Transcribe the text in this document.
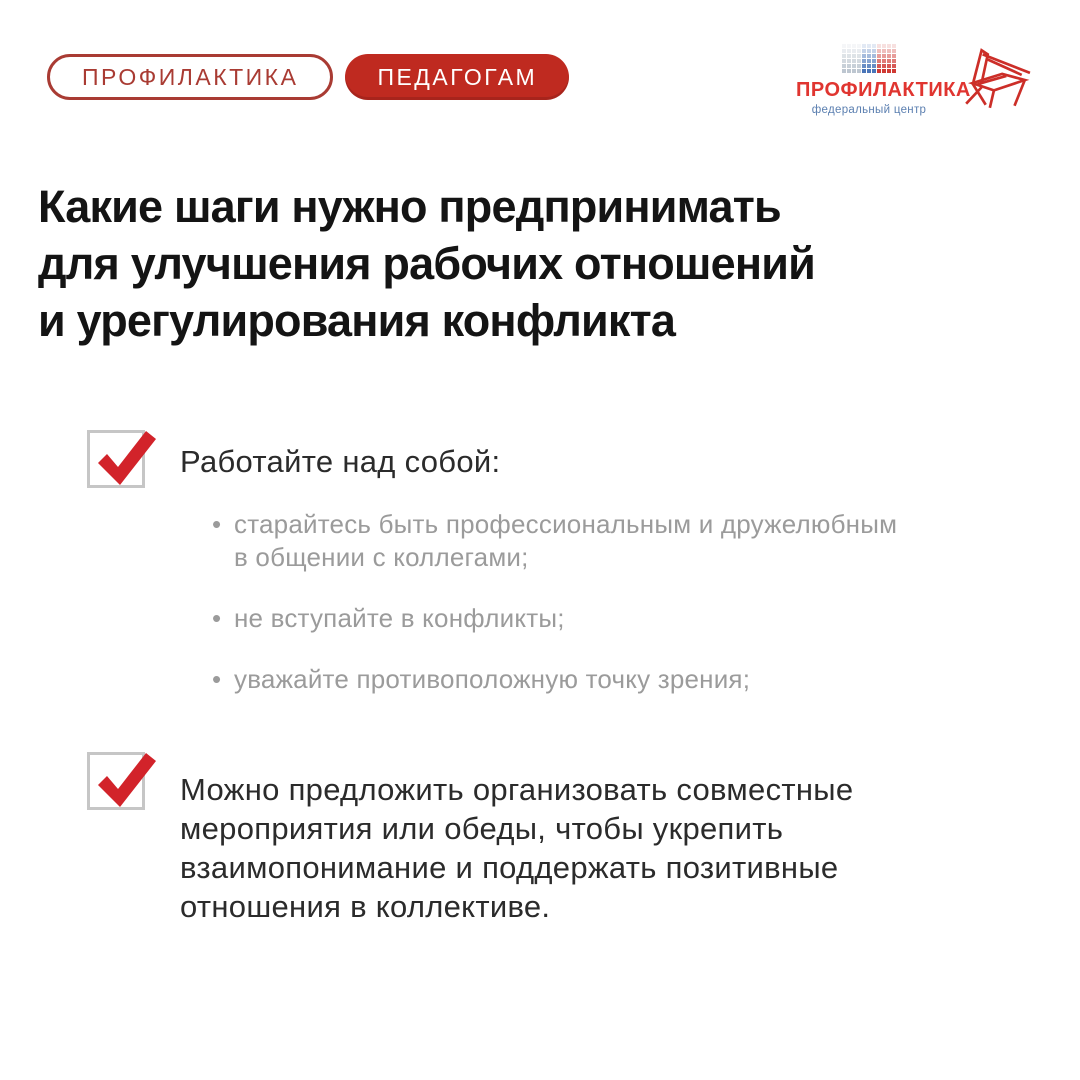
ПРОФИЛАКТИКА	ПЕДАГОГАМ
ПРОФИЛАКТИКА
федеральный центр
Какие шаги нужно предпринимать
для улучшения рабочих отношений
и урегулирования конфликта
Работайте над собой:
• старайтесь быть профессиональным и дружелюбным в общении с коллегами;
• не вступайте в конфликты;
• уважайте противоположную точку зрения;
Можно предложить организовать совместные мероприятия или обеды, чтобы укрепить взаимопонимание и поддержать позитивные отношения в коллективе.
